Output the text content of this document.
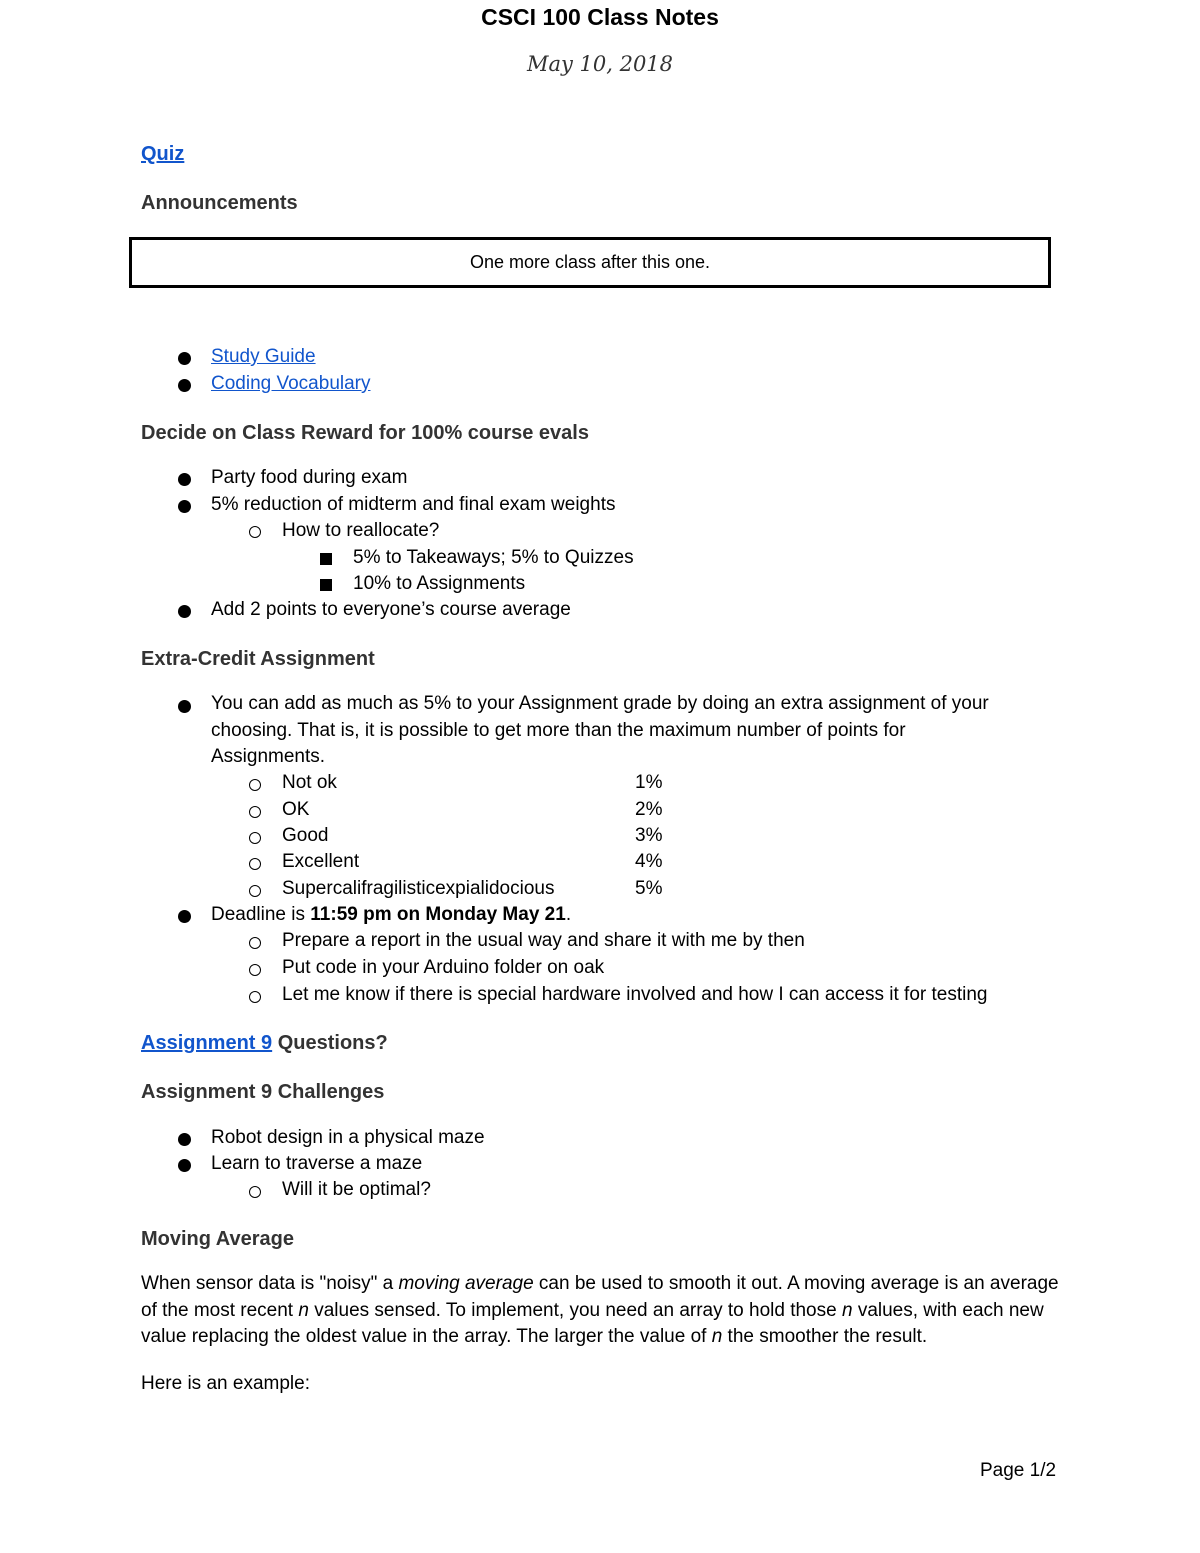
CSCI 100 Class Notes
May 10, 2018
Quiz
Announcements
One more class after this one.
Study Guide
Coding Vocabulary
Decide on Class Reward for 100% course evals
Party food during exam
5% reduction of midterm and final exam weights
How to reallocate?
5% to Takeaways; 5% to Quizzes
10% to Assignments
Add 2 points to everyone’s course average
Extra-Credit Assignment
You can add as much as 5% to your Assignment grade by doing an extra assignment of your choosing. That is, it is possible to get more than the maximum number of points for Assignments.
Not ok	1%
OK	2%
Good	3%
Excellent	4%
Supercalifragilisticexpialidocious	5%
Deadline is 11:59 pm on Monday May 21.
Prepare a report in the usual way and share it with me by then
Put code in your Arduino folder on oak
Let me know if there is special hardware involved and how I can access it for testing
Assignment 9 Questions?
Assignment 9 Challenges
Robot design in a physical maze
Learn to traverse a maze
Will it be optimal?
Moving Average
When sensor data is "noisy" a moving average can be used to smooth it out. A moving average is an average of the most recent n values sensed. To implement, you need an array to hold those n values, with each new value replacing the oldest value in the array. The larger the value of n the smoother the result.
Here is an example:
Page 1/2
